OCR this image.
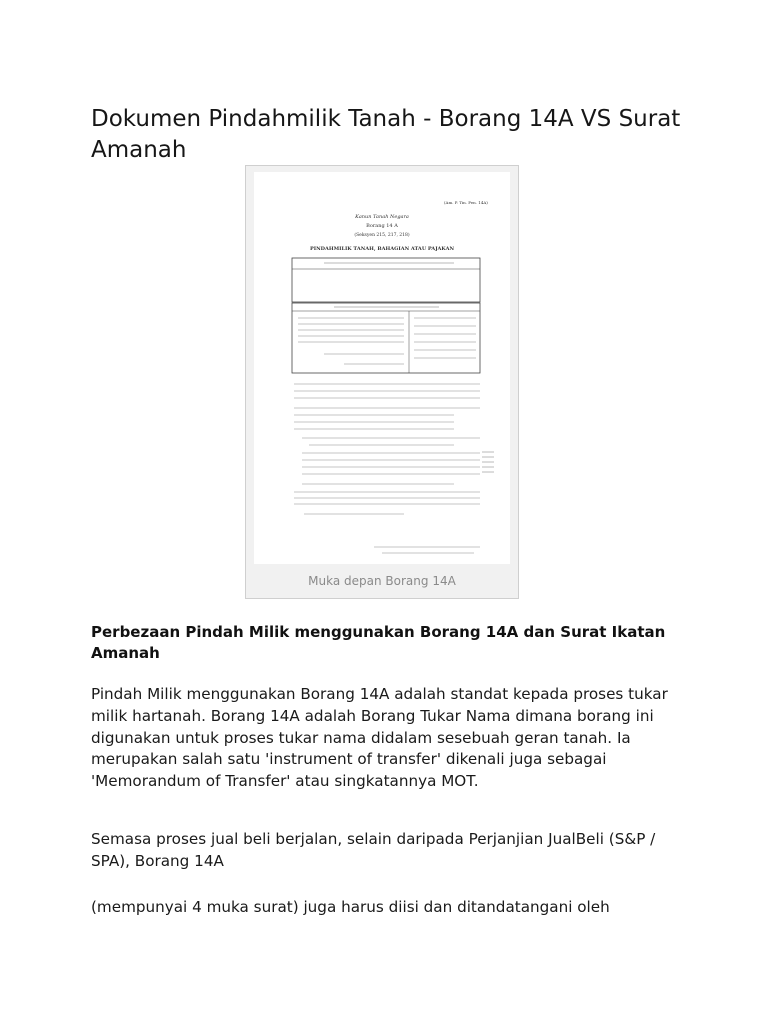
Dokumen Pindahmilik Tanah - Borang 14A VS Surat Amanah
(Am. P. Tin. Pen. 14A)
Kanun Tanah Negara
Borang 14 A
(Seksyen 215, 217, 218)
PINDAHMILIK TANAH, BAHAGIAN ATAU PAJAKAN
Muka depan Borang 14A
Perbezaan Pindah Milik menggunakan Borang 14A dan Surat Ikatan Amanah

Pindah Milik menggunakan Borang 14A adalah standat kepada proses tukar milik hartanah. Borang 14A adalah Borang Tukar Nama dimana borang ini digunakan untuk proses tukar nama didalam sesebuah geran tanah. Ia merupakan salah satu 'instrument of transfer' dikenali juga sebagai 'Memorandum of Transfer' atau singkatannya MOT.

Semasa proses jual beli berjalan, selain daripada Perjanjian JualBeli (S&P / SPA), Borang 14A

(mempunyai 4 muka surat) juga harus diisi dan ditandatangani oleh
